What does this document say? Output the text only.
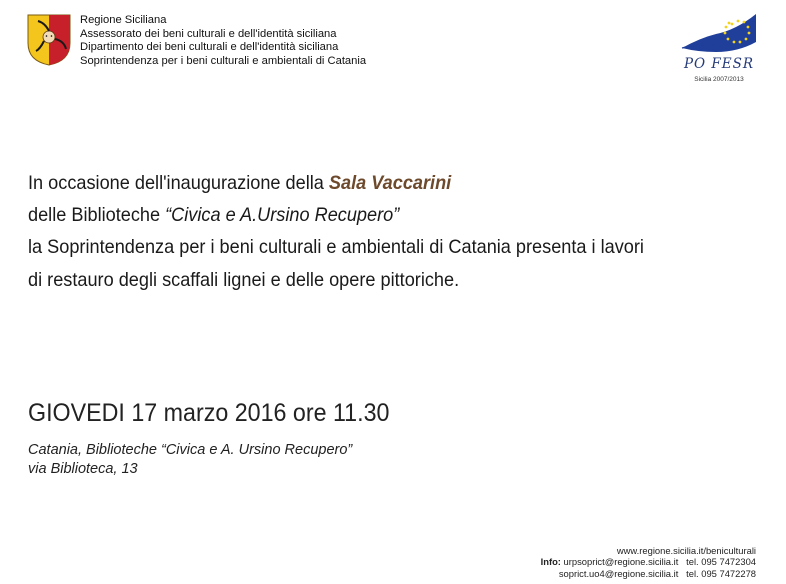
Regione Siciliana
Assessorato dei beni culturali e dell'identità siciliana
Dipartimento dei beni culturali e dell'identità siciliana
Soprintendenza per i beni culturali e ambientali di Catania	PO FESR
Sicilia 2007/2013
In occasione dell'inaugurazione della Sala Vaccarini
delle Biblioteche “Civica e A.Ursino Recupero”
la Soprintendenza per i beni culturali e ambientali di Catania presenta i lavori
di restauro degli scaffali lignei e delle opere pittoriche.
GIOVEDI 17 marzo 2016 ore 11.30
Catania, Biblioteche “Civica e A. Ursino Recupero”
via Biblioteca, 13
www.regione.sicilia.it/beniculturali
Info: urpsopriсt@regione.sicilia.it tel. 095 7472304
sopriсt.uo4@regione.sicilia.it tel. 095 7472278
